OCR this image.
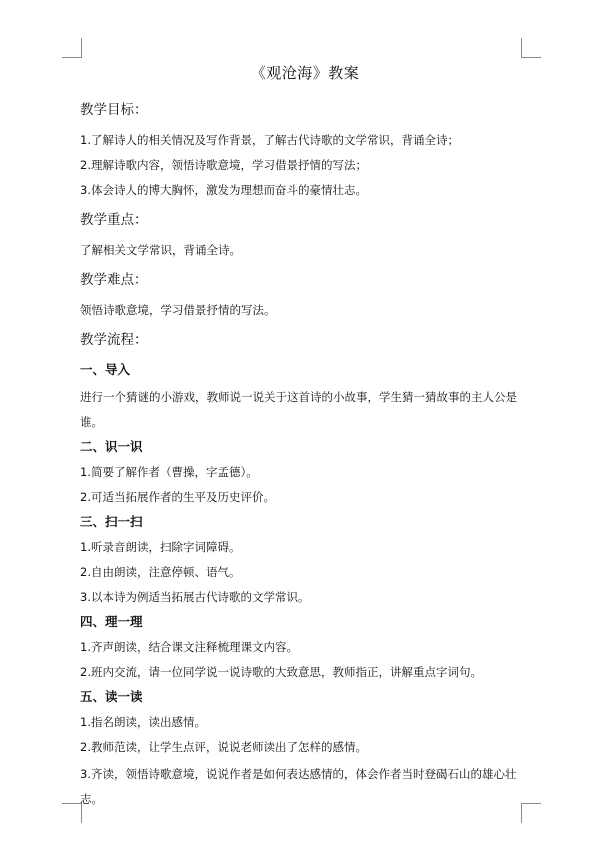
《观沧海》教案
教学目标：
1.了解诗人的相关情况及写作背景，了解古代诗歌的文学常识，背诵全诗；
2.理解诗歌内容，领悟诗歌意境，学习借景抒情的写法；
3.体会诗人的博大胸怀，激发为理想而奋斗的豪情壮志。
教学重点：
了解相关文学常识，背诵全诗。
教学难点：
领悟诗歌意境，学习借景抒情的写法。
教学流程：
一、导入
进行一个猜谜的小游戏，教师说一说关于这首诗的小故事，学生猜一猜故事的主人公是谁。
二、识一识
1.简要了解作者（曹操，字孟德）。
2.可适当拓展作者的生平及历史评价。
三、扫一扫
1.听录音朗读，扫除字词障碍。
2.自由朗读，注意停顿、语气。
3.以本诗为例适当拓展古代诗歌的文学常识。
四、理一理
1.齐声朗读，结合课文注释梳理课文内容。
2.班内交流，请一位同学说一说诗歌的大致意思，教师指正，讲解重点字词句。
五、读一读
1.指名朗读，读出感情。
2.教师范读，让学生点评，说说老师读出了怎样的感情。
3.齐读，领悟诗歌意境，说说作者是如何表达感情的，体会作者当时登碣石山的雄心壮志。
